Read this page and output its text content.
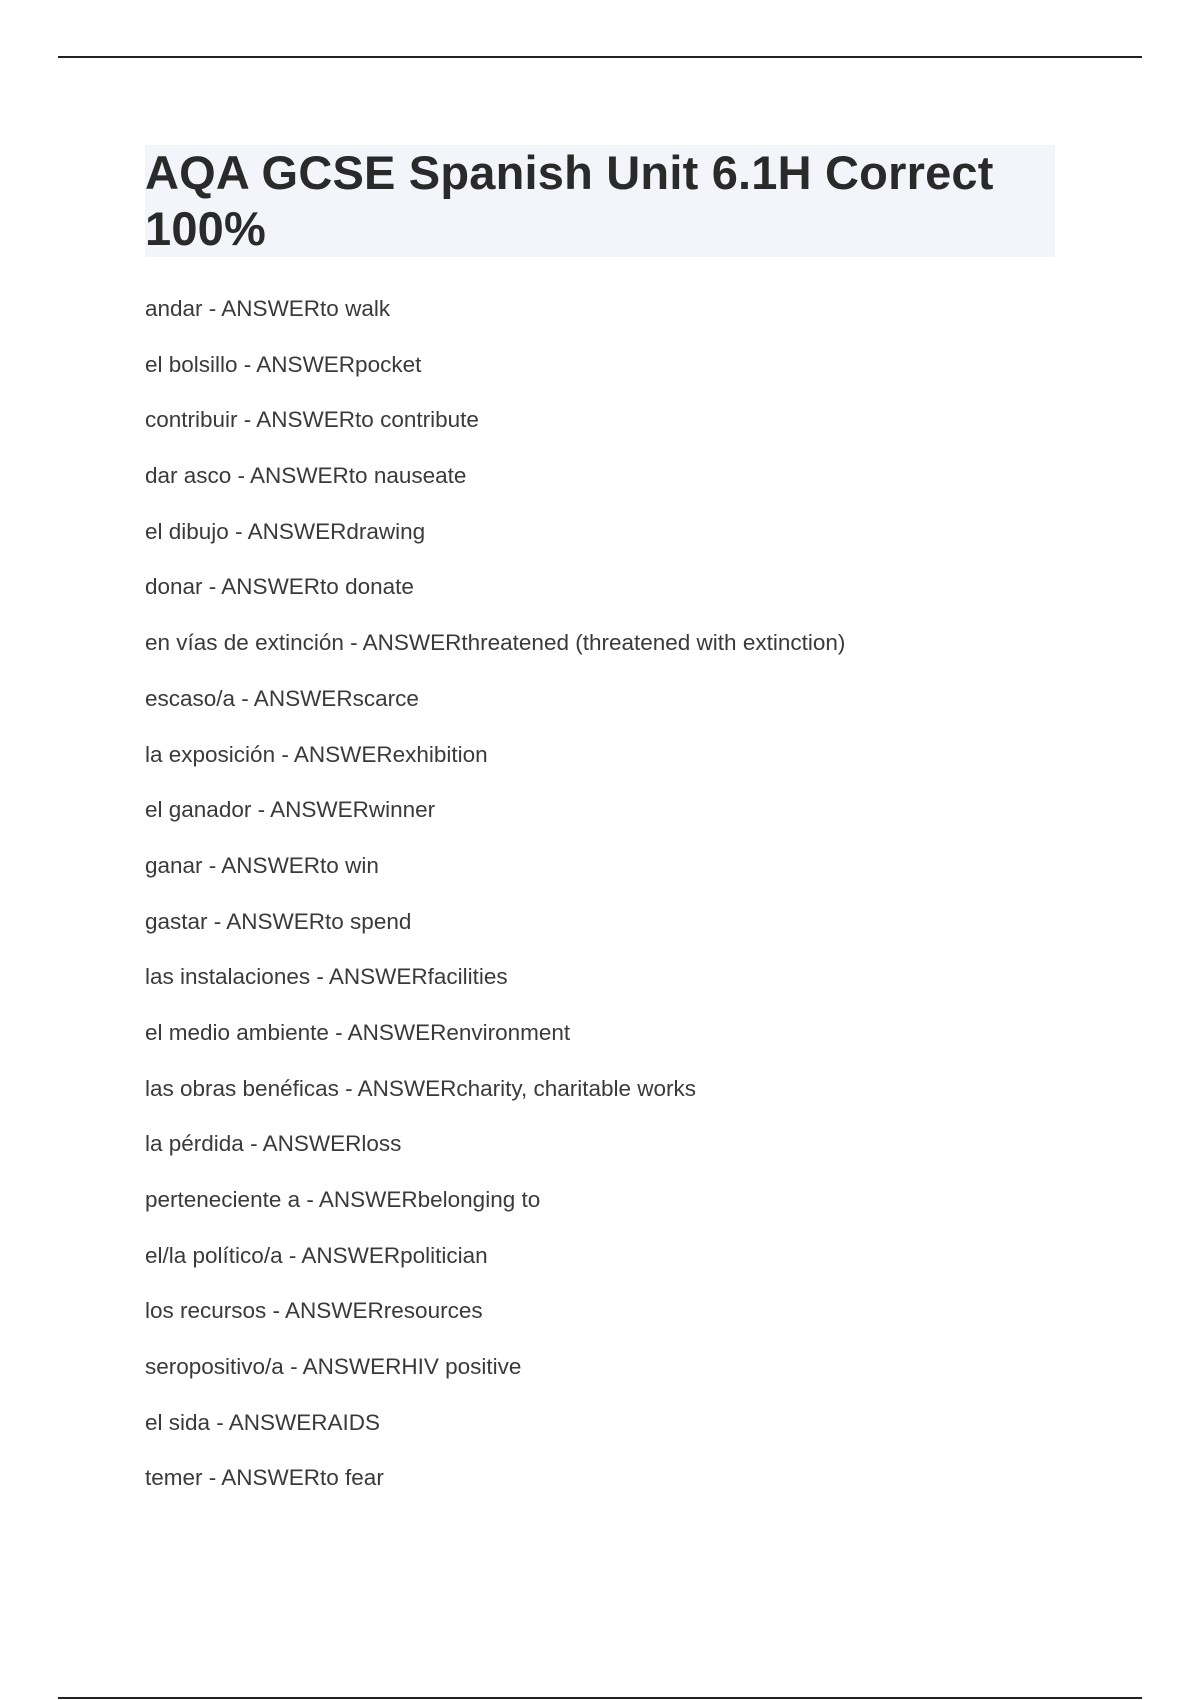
AQA GCSE Spanish Unit 6.1H Correct 100%
andar - ANSWERto walk
el bolsillo - ANSWERpocket
contribuir - ANSWERto contribute
dar asco - ANSWERto nauseate
el dibujo - ANSWERdrawing
donar - ANSWERto donate
en vías de extinción - ANSWERthreatened (threatened with extinction)
escaso/a - ANSWERscarce
la exposición - ANSWERexhibition
el ganador - ANSWERwinner
ganar - ANSWERto win
gastar - ANSWERto spend
las instalaciones - ANSWERfacilities
el medio ambiente - ANSWERenvironment
las obras benéficas - ANSWERcharity, charitable works
la pérdida - ANSWERloss
perteneciente a - ANSWERbelonging to
el/la político/a - ANSWERpolitician
los recursos - ANSWERresources
seropositivo/a - ANSWERHIV positive
el sida - ANSWERAIDS
temer - ANSWERto fear
